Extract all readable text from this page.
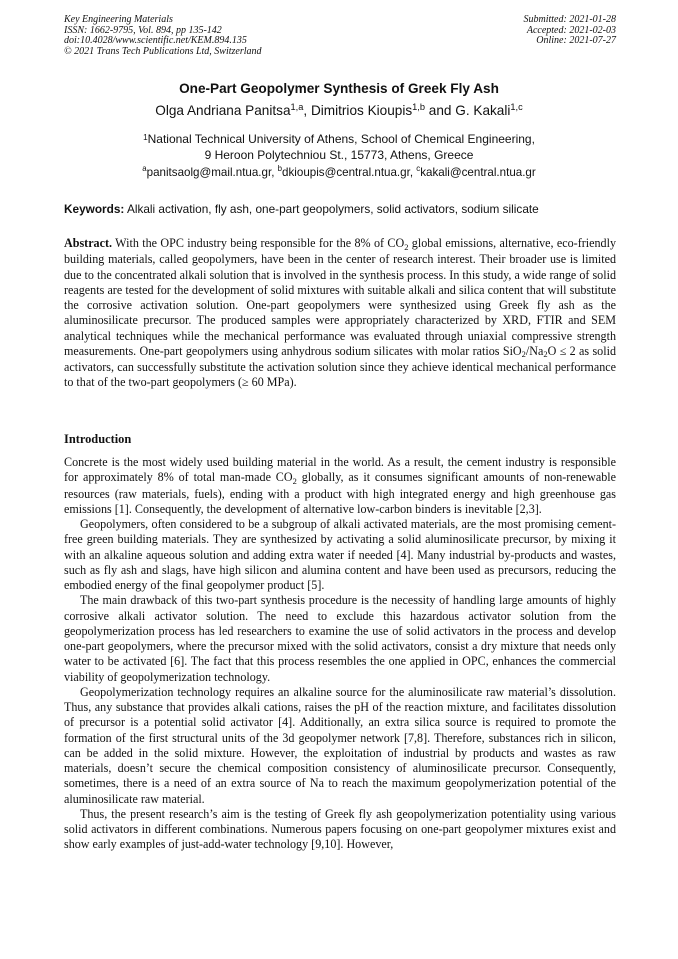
Key Engineering Materials
ISSN: 1662-9795, Vol. 894, pp 135-142
doi:10.4028/www.scientific.net/KEM.894.135
© 2021 Trans Tech Publications Ltd, Switzerland
Submitted: 2021-01-28
Accepted: 2021-02-03
Online: 2021-07-27
One-Part Geopolymer Synthesis of Greek Fly Ash
Olga Andriana Panitsa$^{1,a}$, Dimitrios Kioupis$^{1,b}$ and G. Kakali$^{1,c}$
$^1$National Technical University of Athens, School of Chemical Engineering,
9 Heroon Polytechniou St., 15773, Athens, Greece
$^a$panitsaolg@mail.ntua.gr, $^b$dkioupis@central.ntua.gr, $^c$kakali@central.ntua.gr
Keywords: Alkali activation, fly ash, one-part geopolymers, solid activators, sodium silicate

Abstract. With the OPC industry being responsible for the 8% of $CO_2$ global emissions, alternative, eco-friendly building materials, called geopolymers, have been in the center of research interest. Their broader use is limited due to the concentrated alkali solution that is involved in the synthesis process. In this study, a wide range of solid reagents are tested for the development of solid mixtures with suitable alkali and silica content that will substitute the corrosive activation solution. One-part geopolymers were synthesized using Greek fly ash as the aluminosilicate precursor. The produced samples were appropriately characterized by XRD, FTIR and SEM analytical techniques while the mechanical performance was evaluated through uniaxial compressive strength measurements. One-part geopolymers using anhydrous sodium silicates with molar ratios $SiO_2/Na_2O \le 2$ as solid activators, can successfully substitute the activation solution since they achieve identical mechanical performance to that of the two-part geopolymers (≥ 60 MPa).

Introduction

Concrete is the most widely used building material in the world. As a result, the cement industry is responsible for approximately 8% of total man-made $CO_2$ globally, as it consumes significant amounts of non-renewable resources (raw materials, fuels), ending with a product with high integrated energy and high greenhouse gas emissions [1]. Consequently, the development of alternative low-carbon binders is inevitable [2,3].

Geopolymers, often considered to be a subgroup of alkali activated materials, are the most promising cement-free green building materials. They are synthesized by activating a solid aluminosilicate precursor, by mixing it with an alkaline aqueous solution and adding extra water if needed [4]. Many industrial by-products and wastes, such as fly ash and slags, have high silicon and alumina content and have been used as precursors, reducing the embodied energy of the final geopolymer product [5].

The main drawback of this two-part synthesis procedure is the necessity of handling large amounts of highly corrosive alkali activator solution. The need to exclude this hazardous activator solution from the geopolymerization process has led researchers to examine the use of solid activators in the process and develop one-part geopolymers, where the precursor mixed with the solid activators, consist a dry mixture that needs only water to be activated [6]. The fact that this process resembles the one applied in OPC, enhances the commercial viability of geopolymerization technology.

Geopolymerization technology requires an alkaline source for the aluminosilicate raw material’s dissolution. Thus, any substance that provides alkali cations, raises the pH of the reaction mixture, and facilitates dissolution of precursor is a potential solid activator [4]. Additionally, an extra silica source is required to promote the formation of the first structural units of the 3d geopolymer network [7,8]. Therefore, substances rich in silicon, can be added in the solid mixture. However, the exploitation of industrial by products and wastes as raw materials, doesn’t secure the chemical composition consistency of aluminosilicate precursor. Consequently, sometimes, there is a need of an extra source of Na to reach the maximum geopolymerization potential of the aluminosilicate raw material.

Thus, the present research’s aim is the testing of Greek fly ash geopolymerization potentiality using various solid activators in different combinations. Numerous papers focusing on one-part geopolymer mixtures exist and show early examples of just-add-water technology [9,10]. However,
